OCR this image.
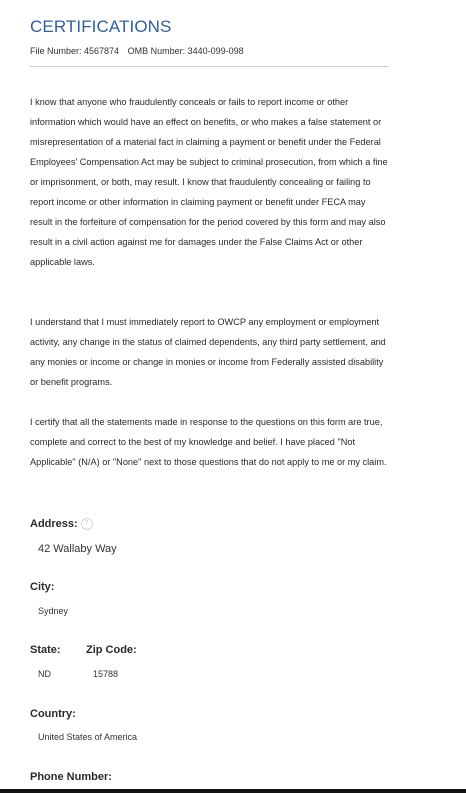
CERTIFICATIONS
File Number: 4567874 OMB Number: 3440-099-098

I know that anyone who fraudulently conceals or fails to report income or other information which would have an effect on benefits, or who makes a false statement or misrepresentation of a material fact in claiming a payment or benefit under the Federal Employees' Compensation Act may be subject to criminal prosecution, from which a fine or imprisonment, or both, may result. I know that fraudulently concealing or failing to report income or other information in claiming payment or benefit under FECA may result in the forfeiture of compensation for the period covered by this form and may also result in a civil action against me for damages under the False Claims Act or other applicable laws.

I understand that I must immediately report to OWCP any employment or employment activity, any change in the status of claimed dependents, any third party settlement, and any monies or income or change in monies or income from Federally assisted disability or benefit programs.

I certify that all the statements made in response to the questions on this form are true, complete and correct to the best of my knowledge and belief. I have placed "Not Applicable" (N/A) or "None" next to those questions that do not apply to me or my claim.

Address: ?
42 Wallaby Way
City:
Sydney
State:
ND
Zip Code:
15788
Country:
United States of America
Phone Number:
